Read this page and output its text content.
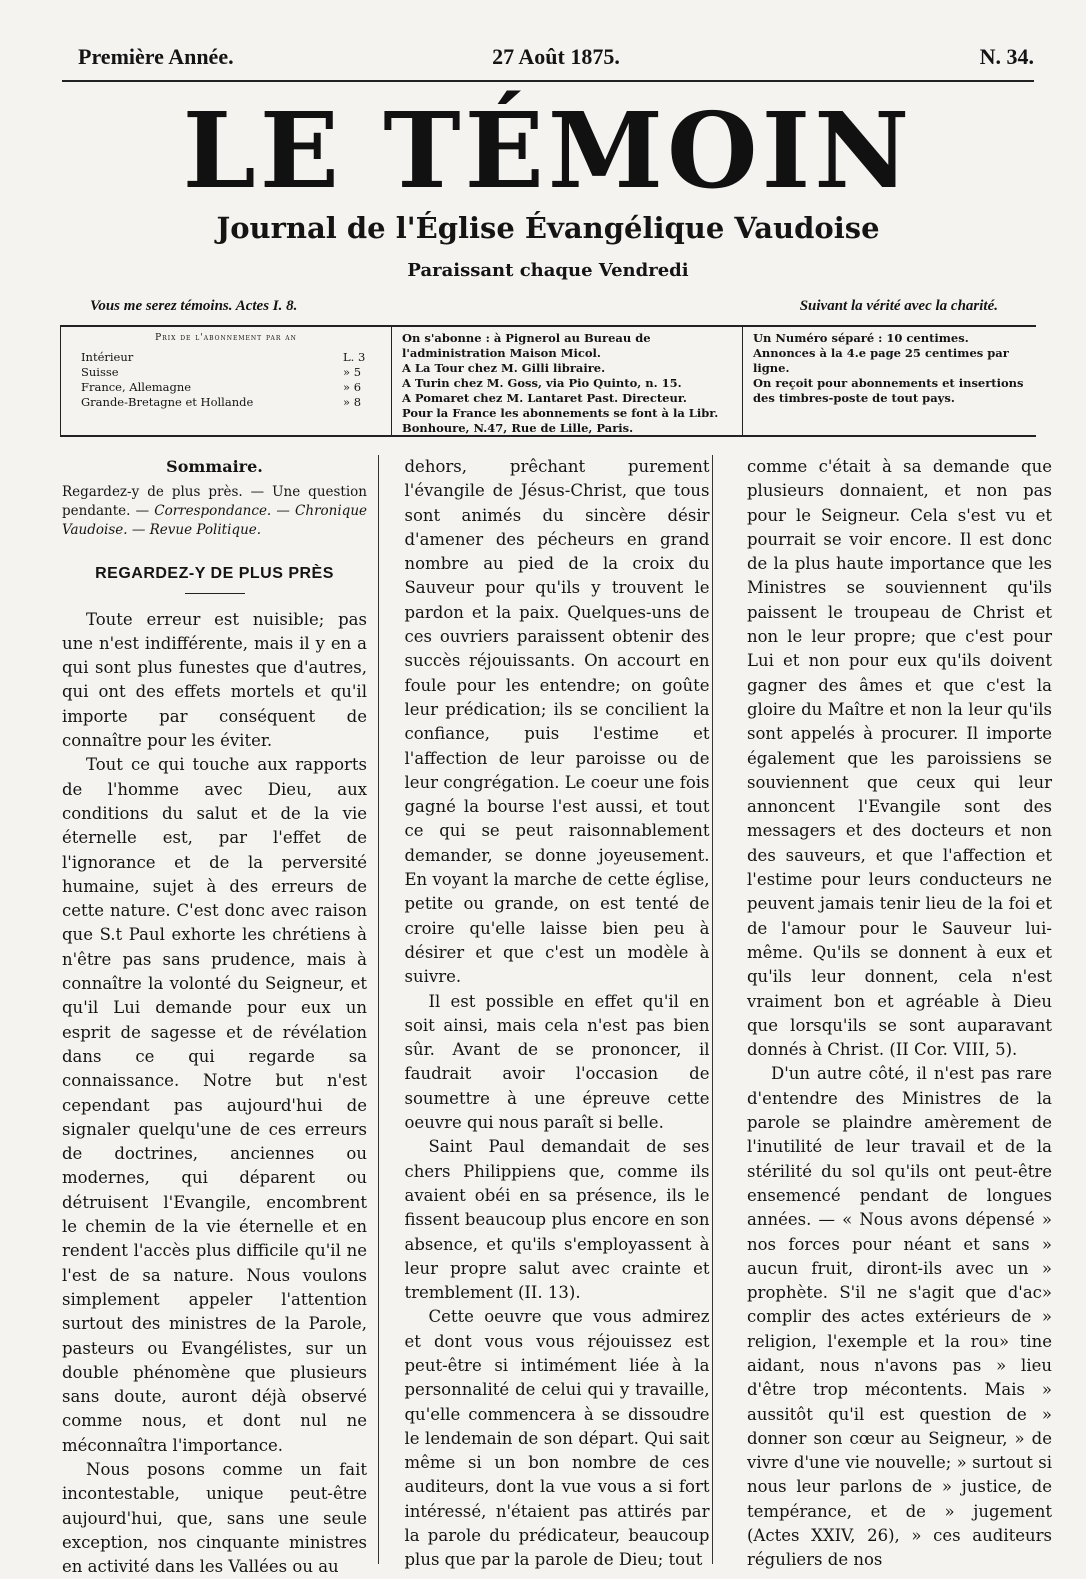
Première Année.	27 Août 1875.	N. 34.
LE TÉMOIN
Journal de l'Église Évangélique Vaudoise
Paraissant chaque Vendredi
Vous me serez témoins. Actes I. 8.	Suivant la vérité avec la charité.
Prix de l'abonnement par an
Intérieur	L. 3
Suisse	» 5
France, Allemagne	» 6
Grande-Bretagne et Hollande	» 8
On s'abonne : à Pignerol au Bureau de l'administration Maison Micol.
A La Tour chez M. Gilli libraire.
A Turin chez M. Goss, via Pio Quinto, n. 15.
A Pomaret chez M. Lantaret Past. Directeur.
Pour la France les abonnements se font à la Libr. Bonhoure, N.47, Rue de Lille, Paris.
Un Numéro séparé : 10 centimes.
Annonces à la 4.e page 25 centimes par ligne.
On reçoit pour abonnements et insertions des timbres-poste de tout pays.
Sommaire.
Regardez-y de plus près. — Une question pendante. — Correspondance. — Chronique Vaudoise. — Revue Politique.
REGARDEZ-Y DE PLUS PRÈS

Toute erreur est nuisible; pas une n'est indifférente, mais il y en a qui sont plus funestes que d'autres, qui ont des effets mortels et qu'il importe par conséquent de connaître pour les éviter.

Tout ce qui touche aux rapports de l'homme avec Dieu, aux conditions du salut et de la vie éternelle est, par l'effet de l'ignorance et de la perversité humaine, sujet à des erreurs de cette nature. C'est donc avec raison que S.t Paul exhorte les chrétiens à n'être pas sans prudence, mais à connaître la volonté du Seigneur, et qu'il Lui demande pour eux un esprit de sagesse et de révélation dans ce qui regarde sa connaissance. Notre but n'est cependant pas aujourd'hui de signaler quelqu'une de ces erreurs de doctrines, anciennes ou modernes, qui déparent ou détruisent l'Evangile, encombrent le chemin de la vie éternelle et en rendent l'accès plus difficile qu'il ne l'est de sa nature. Nous voulons simplement appeler l'attention surtout des ministres de la Parole, pasteurs ou Evangélistes, sur un double phénomène que plusieurs sans doute, auront déjà observé comme nous, et dont nul ne méconnaîtra l'importance.

Nous posons comme un fait incontestable, unique peut-être aujourd'hui, que, sans une seule exception, nos cinquante ministres en activité dans les Vallées ou au

dehors, prêchant purement l'évangile de Jésus-Christ, que tous sont animés du sincère désir d'amener des pécheurs en grand nombre au pied de la croix du Sauveur pour qu'ils y trouvent le pardon et la paix. Quelques-uns de ces ouvriers paraissent obtenir des succès réjouissants. On accourt en foule pour les entendre; on goûte leur prédication; ils se concilient la confiance, puis l'estime et l'affection de leur paroisse ou de leur congrégation. Le coeur une fois gagné la bourse l'est aussi, et tout ce qui se peut raisonnablement demander, se donne joyeusement. En voyant la marche de cette église, petite ou grande, on est tenté de croire qu'elle laisse bien peu à désirer et que c'est un modèle à suivre.

Il est possible en effet qu'il en soit ainsi, mais cela n'est pas bien sûr. Avant de se prononcer, il faudrait avoir l'occasion de soumettre à une épreuve cette oeuvre qui nous paraît si belle.

Saint Paul demandait de ses chers Philippiens que, comme ils avaient obéi en sa présence, ils le fissent beaucoup plus encore en son absence, et qu'ils s'employassent à leur propre salut avec crainte et tremblement (II. 13).

Cette oeuvre que vous admirez et dont vous vous réjouissez est peut-être si intimément liée à la personnalité de celui qui y travaille, qu'elle commencera à se dissoudre le lendemain de son départ. Qui sait même si un bon nombre de ces auditeurs, dont la vue vous a si fort intéressé, n'étaient pas attirés par la parole du prédicateur, beaucoup plus que par la parole de Dieu; tout

comme c'était à sa demande que plusieurs donnaient, et non pas pour le Seigneur. Cela s'est vu et pourrait se voir encore. Il est donc de la plus haute importance que les Ministres se souviennent qu'ils paissent le troupeau de Christ et non le leur propre; que c'est pour Lui et non pour eux qu'ils doivent gagner des âmes et que c'est la gloire du Maître et non la leur qu'ils sont appelés à procurer. Il importe également que les paroissiens se souviennent que ceux qui leur annoncent l'Evangile sont des messagers et des docteurs et non des sauveurs, et que l'affection et l'estime pour leurs conducteurs ne peuvent jamais tenir lieu de la foi et de l'amour pour le Sauveur lui-même. Qu'ils se donnent à eux et qu'ils leur donnent, cela n'est vraiment bon et agréable à Dieu que lorsqu'ils se sont auparavant donnés à Christ. (II Cor. VIII, 5).

D'un autre côté, il n'est pas rare d'entendre des Ministres de la parole se plaindre amèrement de l'inutilité de leur travail et de la stérilité du sol qu'ils ont peut-être ensemencé pendant de longues années. — « Nous avons dépensé » nos forces pour néant et sans » aucun fruit, diront-ils avec un » prophète. S'il ne s'agit que d'ac» complir des actes extérieurs de » religion, l'exemple et la rou» tine aidant, nous n'avons pas » lieu d'être trop mécontents. Mais » aussitôt qu'il est question de » donner son cœur au Seigneur, » de vivre d'une vie nouvelle; » surtout si nous leur parlons de » justice, de tempérance, et de » jugement (Actes XXIV, 26), » ces auditeurs réguliers de nos
